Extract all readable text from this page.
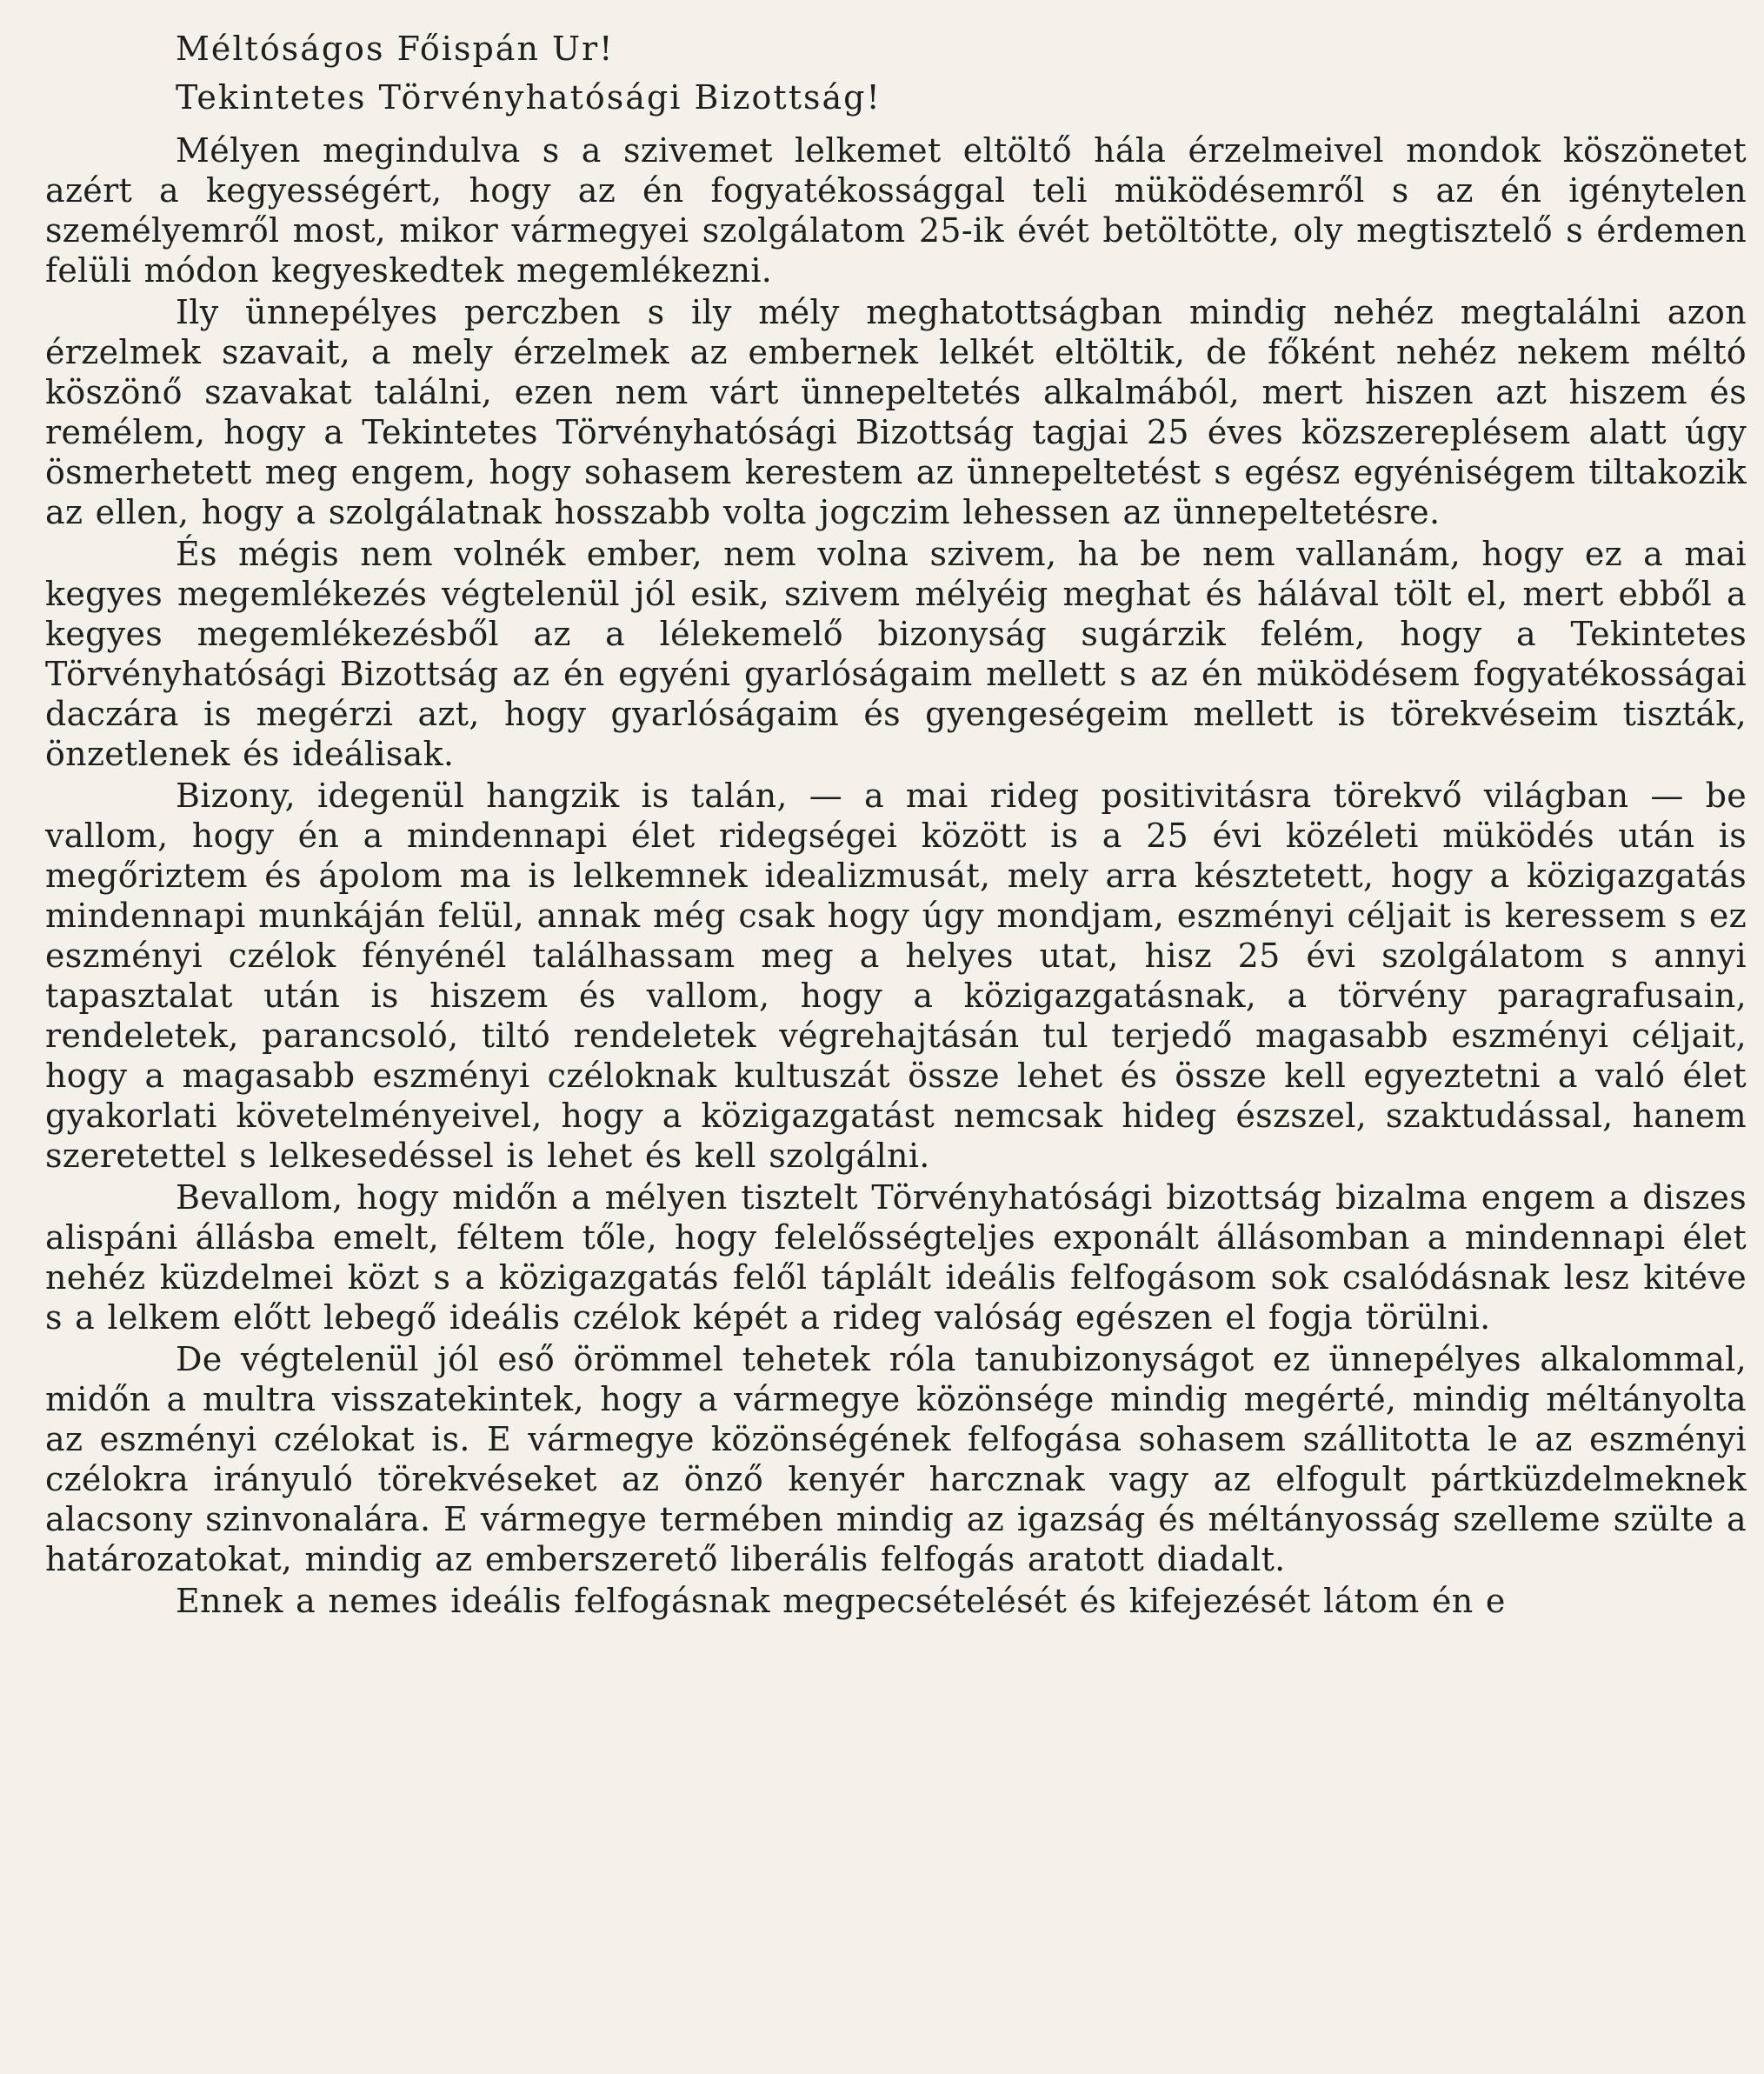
Méltóságos Főispán Ur!
Tekintetes Törvényhatósági Bizottság!

Mélyen megindulva s a szivemet lelkemet eltöltő hála érzelmeivel mondok köszönetet azért a kegyességért, hogy az én fogyatékossággal teli müködésemről s az én igénytelen személyemről most, mikor vármegyei szolgálatom 25-ik évét betöltötte, oly megtisztelő s érdemen felüli módon kegyeskedtek megemlékezni.

Ily ünnepélyes perczben s ily mély meghatottságban mindig nehéz megtalálni azon érzelmek szavait, a mely érzelmek az embernek lelkét eltöltik, de főként nehéz nekem méltó köszönő szavakat találni, ezen nem várt ünnepeltetés alkalmából, mert hiszen azt hiszem és remélem, hogy a Tekintetes Törvényhatósági Bizottság tagjai 25 éves közszereplésem alatt úgy ösmerhetett meg engem, hogy sohasem kerestem az ünnepeltetést s egész egyéniségem tiltakozik az ellen, hogy a szolgálatnak hosszabb volta jogczim lehessen az ünnepeltetésre.

És mégis nem volnék ember, nem volna szivem, ha be nem vallanám, hogy ez a mai kegyes megemlékezés végtelenül jól esik, szivem mélyéig meghat és hálával tölt el, mert ebből a kegyes megemlékezésből az a lélekemelő bizonyság sugárzik felém, hogy a Tekintetes Törvényhatósági Bizottság az én egyéni gyarlóságaim mellett s az én müködésem fogyatékosságai daczára is megérzi azt, hogy gyarlóságaim és gyengeségeim mellett is törekvéseim tiszták, önzetlenek és ideálisak.

Bizony, idegenül hangzik is talán, — a mai rideg positivitásra törekvő világban — be vallom, hogy én a mindennapi élet ridegségei között is a 25 évi közéleti müködés után is megőriztem és ápolom ma is lelkemnek idealizmusát, mely arra késztetett, hogy a közigazgatás mindennapi munkáján felül, annak még csak hogy úgy mondjam, eszményi céljait is keressem s ez eszményi czélok fényénél találhassam meg a helyes utat, hisz 25 évi szolgálatom s annyi tapasztalat után is hiszem és vallom, hogy a közigazgatásnak, a törvény paragrafusain, rendeletek, parancsoló, tiltó rendeletek végrehajtásán tul terjedő magasabb eszményi céljait, hogy a magasabb eszményi czéloknak kultuszát össze lehet és össze kell egyeztetni a való élet gyakorlati követelményeivel, hogy a közigazgatást nemcsak hideg észszel, szaktudással, hanem szeretettel s lelkesedéssel is lehet és kell szolgálni.

Bevallom, hogy midőn a mélyen tisztelt Törvényhatósági bizottság bizalma engem a diszes alispáni állásba emelt, féltem tőle, hogy felelősségteljes exponált állásomban a mindennapi élet nehéz küzdelmei közt s a közigazgatás felől táplált ideális felfogásom sok csalódásnak lesz kitéve s a lelkem előtt lebegő ideális czélok képét a rideg valóság egészen el fogja törülni.

De végtelenül jól eső örömmel tehetek róla tanubizonyságot ez ünnepélyes alkalommal, midőn a multra visszatekintek, hogy a vármegye közönsége mindig megérté, mindig méltányolta az eszményi czélokat is. E vármegye közönségének felfogása sohasem szállitotta le az eszményi czélokra irányuló törekvéseket az önző kenyér harcznak vagy az elfogult pártküzdelmeknek alacsony szinvonalára. E vármegye termében mindig az igazság és méltányosság szelleme szülte a határozatokat, mindig az emberszerető liberális felfogás aratott diadalt.

Ennek a nemes ideális felfogásnak megpecsételését és kifejezését látom én e
